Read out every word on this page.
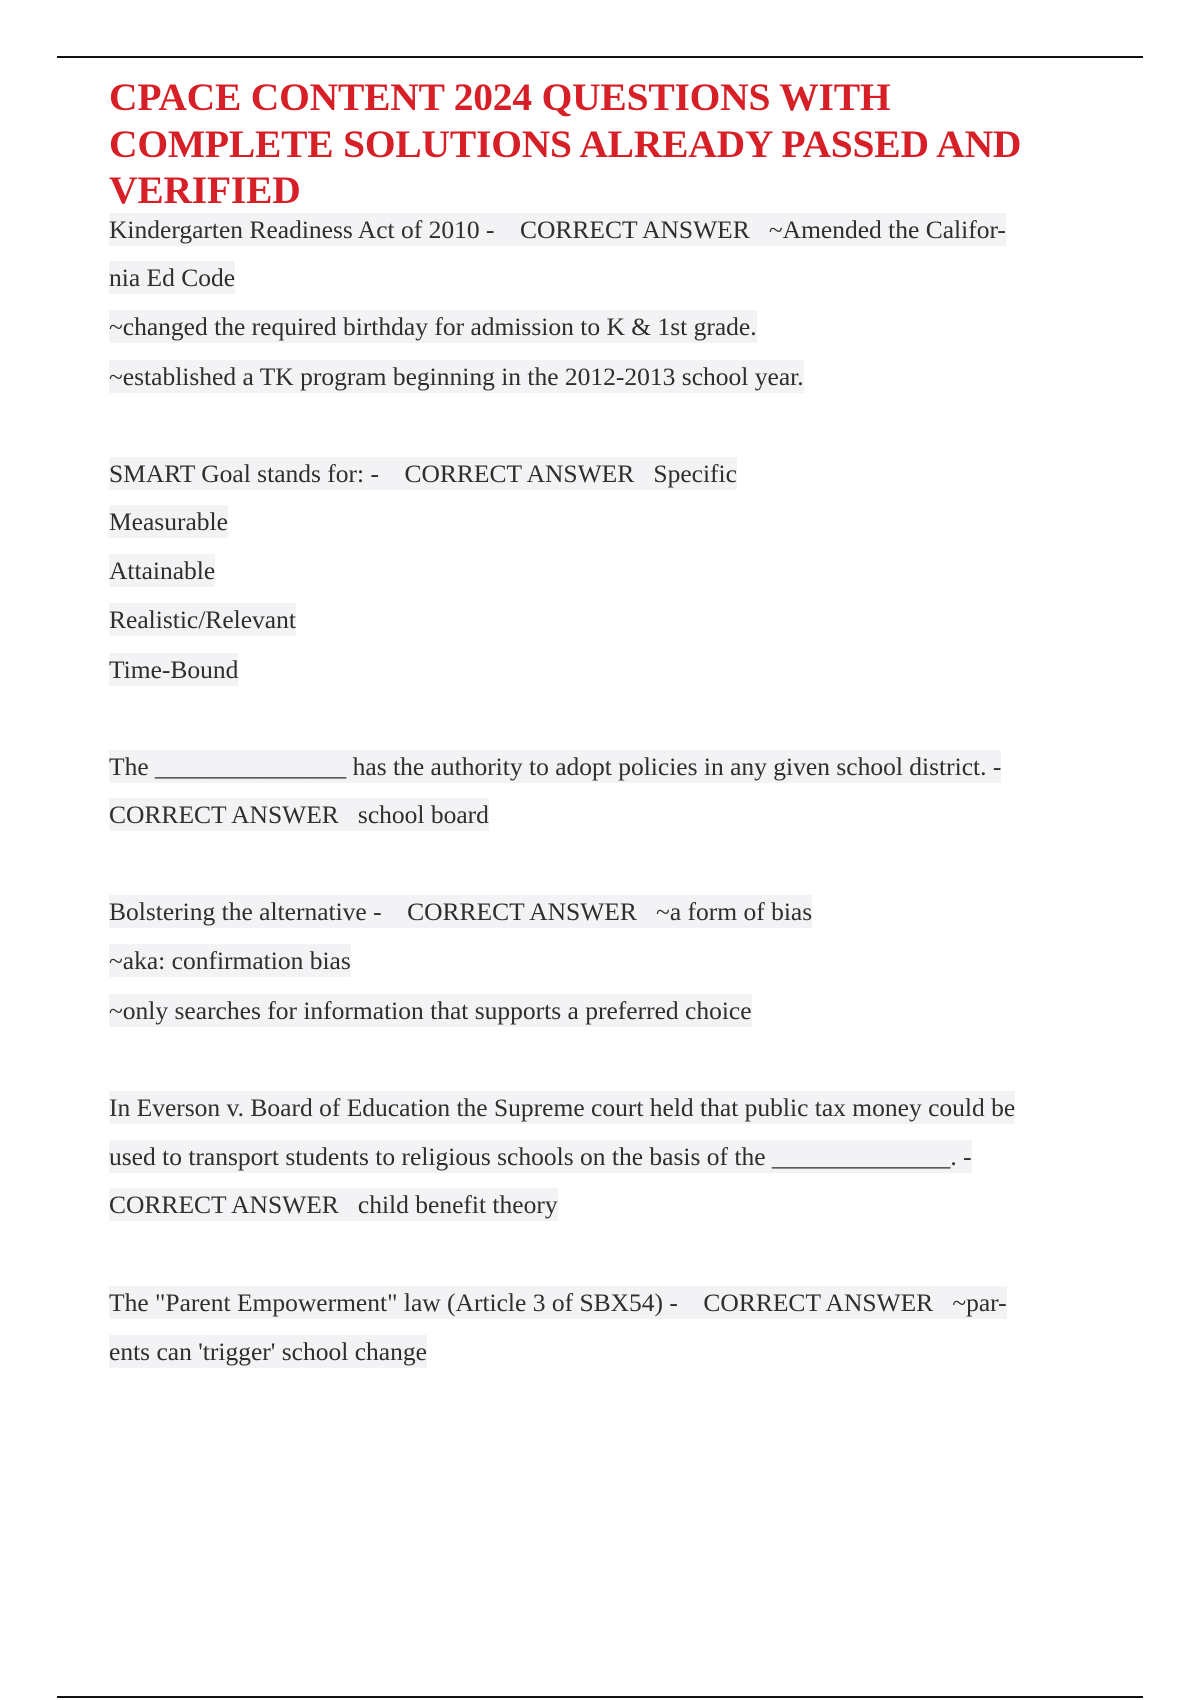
CPACE CONTENT 2024 QUESTIONS WITH COMPLETE SOLUTIONS ALREADY PASSED AND VERIFIED
Kindergarten Readiness Act of 2010 -    CORRECT ANSWER   ~Amended the Califor-
nia Ed Code
~changed the required birthday for admission to K & 1st grade.
~established a TK program beginning in the 2012-2013 school year.
SMART Goal stands for: -    CORRECT ANSWER   Specific
Measurable
Attainable
Realistic/Relevant
Time-Bound
The _______________ has the authority to adopt policies in any given school district. -
CORRECT ANSWER   school board
Bolstering the alternative -    CORRECT ANSWER   ~a form of bias
~aka: confirmation bias
~only searches for information that supports a preferred choice
In Everson v. Board of Education the Supreme court held that public tax money could be
used to transport students to religious schools on the basis of the ______________. -
CORRECT ANSWER   child benefit theory
The "Parent Empowerment" law (Article 3 of SBX54) -    CORRECT ANSWER   ~par-
ents can 'trigger' school change
